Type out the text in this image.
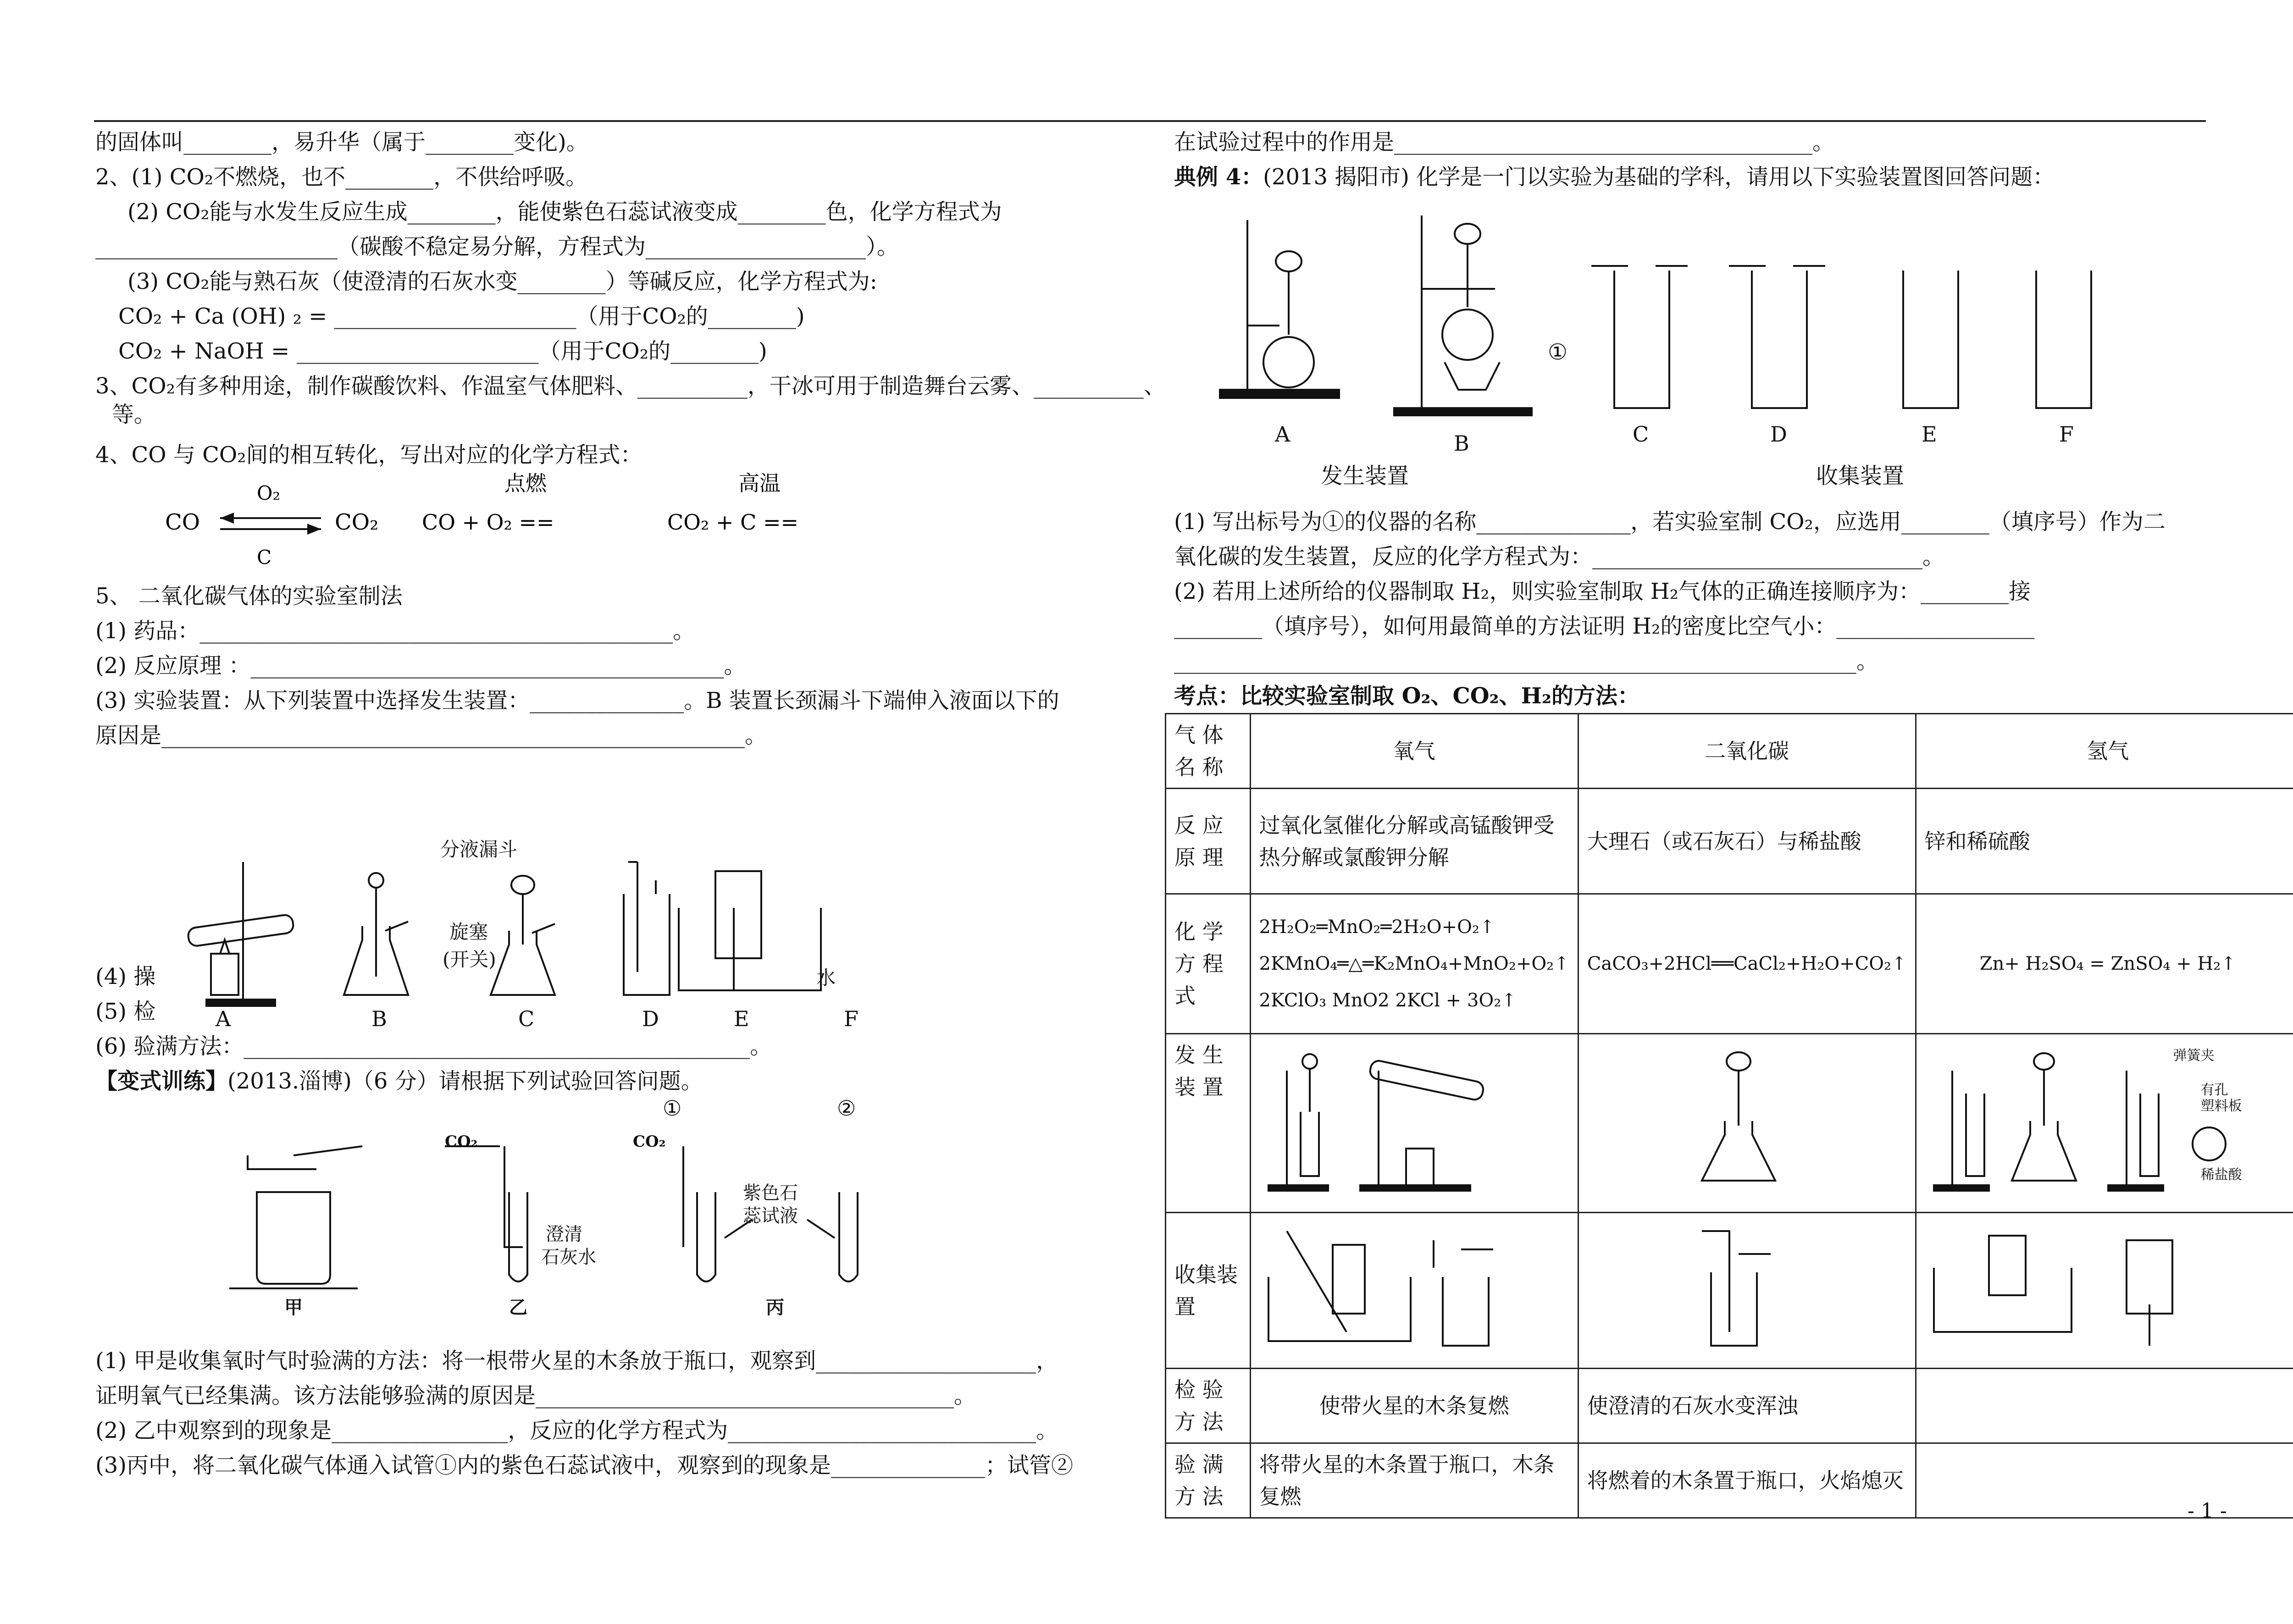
的固体叫________，易升华（属于________变化)。
2、(1) CO₂不燃烧，也不________，不供给呼吸。
(2) CO₂能与水发生反应生成________，能使紫色石蕊试液变成________色，化学方程式为
______________________（碳酸不稳定易分解，方程式为____________________）。
(3) CO₂能与熟石灰（使澄清的石灰水变________）等碱反应，化学方程式为:
CO₂ + Ca (OH) ₂ = ______________________（用于CO₂的________)
CO₂ + NaOH = ______________________（用于CO₂的________)
3、CO₂有多种用途，制作碳酸饮料、作温室气体肥料、__________，干冰可用于制造舞台云雾、__________、
等。
4、CO 与 CO₂间的相互转化，写出对应的化学方程式：
CO
O₂
C
CO₂
点燃
CO + O₂ ==
高温
CO₂ + C ==
5、 二氧化碳气体的实验室制法
(1) 药品：___________________________________________。
(2) 反应原理 ：___________________________________________。
(3) 实验装置：从下列装置中选择发生装置：______________。B 装置长颈漏斗下端伸入液面以下的
原因是_____________________________________________________。
(4) 操
(5) 检
(6) 验满方法：______________________________________________。
分液漏斗
旋塞
(开关)
水
A	B	C	D	E	F
【变式训练】(2013.淄博)（6 分）请根据下列试验回答问题。
①	②
CO₂	CO₂
澄清
石灰水
紫色石
蕊试液
甲	乙	丙
(1) 甲是收集氧时气时验满的方法：将一根带火星的木条放于瓶口，观察到____________________，
证明氧气已经集满。该方法能够验满的原因是______________________________________。
(2) 乙中观察到的现象是________________，反应的化学方程式为____________________________。
(3)丙中，将二氧化碳气体通入试管①内的紫色石蕊试液中，观察到的现象是______________；试管②
在试验过程中的作用是______________________________________。
典例 4：(2013 揭阳市) 化学是一门以实验为基础的学科，请用以下实验装置图回答问题：
①
A	B	C	D	E	F
发生装置	收集装置
(1) 写出标号为①的仪器的名称______________，若实验室制 CO₂，应选用________（填序号）作为二
氧化碳的发生装置，反应的化学方程式为：______________________________。
(2) 若用上述所给的仪器制取 H₂，则实验室制取 H₂气体的正确连接顺序为：________接
________（填序号），如何用最简单的方法证明 H₂的密度比空气小：__________________
______________________________________________________________。
考点：比较实验室制取 O₂、CO₂、H₂的方法：
气 体 名 称	氧气	二氧化碳	氢气
反 应 原 理	过氧化氢催化分解或高锰酸钾受热分解或氯酸钾分解	大理石（或石灰石）与稀盐酸	锌和稀硫酸
化 学 方 程 式	2H₂O₂═MnO₂═2H₂O+O₂↑
2KMnO₄═△═K₂MnO₄+MnO₂+O₂↑
2KClO₃ MnO2 2KCl + 3O₂↑	CaCO₃+2HCl══CaCl₂+H₂O+CO₂↑	Zn+ H₂SO₄ = ZnSO₄ + H₂↑
发 生 装 置			弹簧夹
有孔
塑料板
稀盐酸

收集装 置			
检 验 方 法	使带火星的木条复燃	使澄清的石灰水变浑浊	
验 满 方 法	将带火星的木条置于瓶口，木条复燃	将燃着的木条置于瓶口，火焰熄灭	
- 1 -
